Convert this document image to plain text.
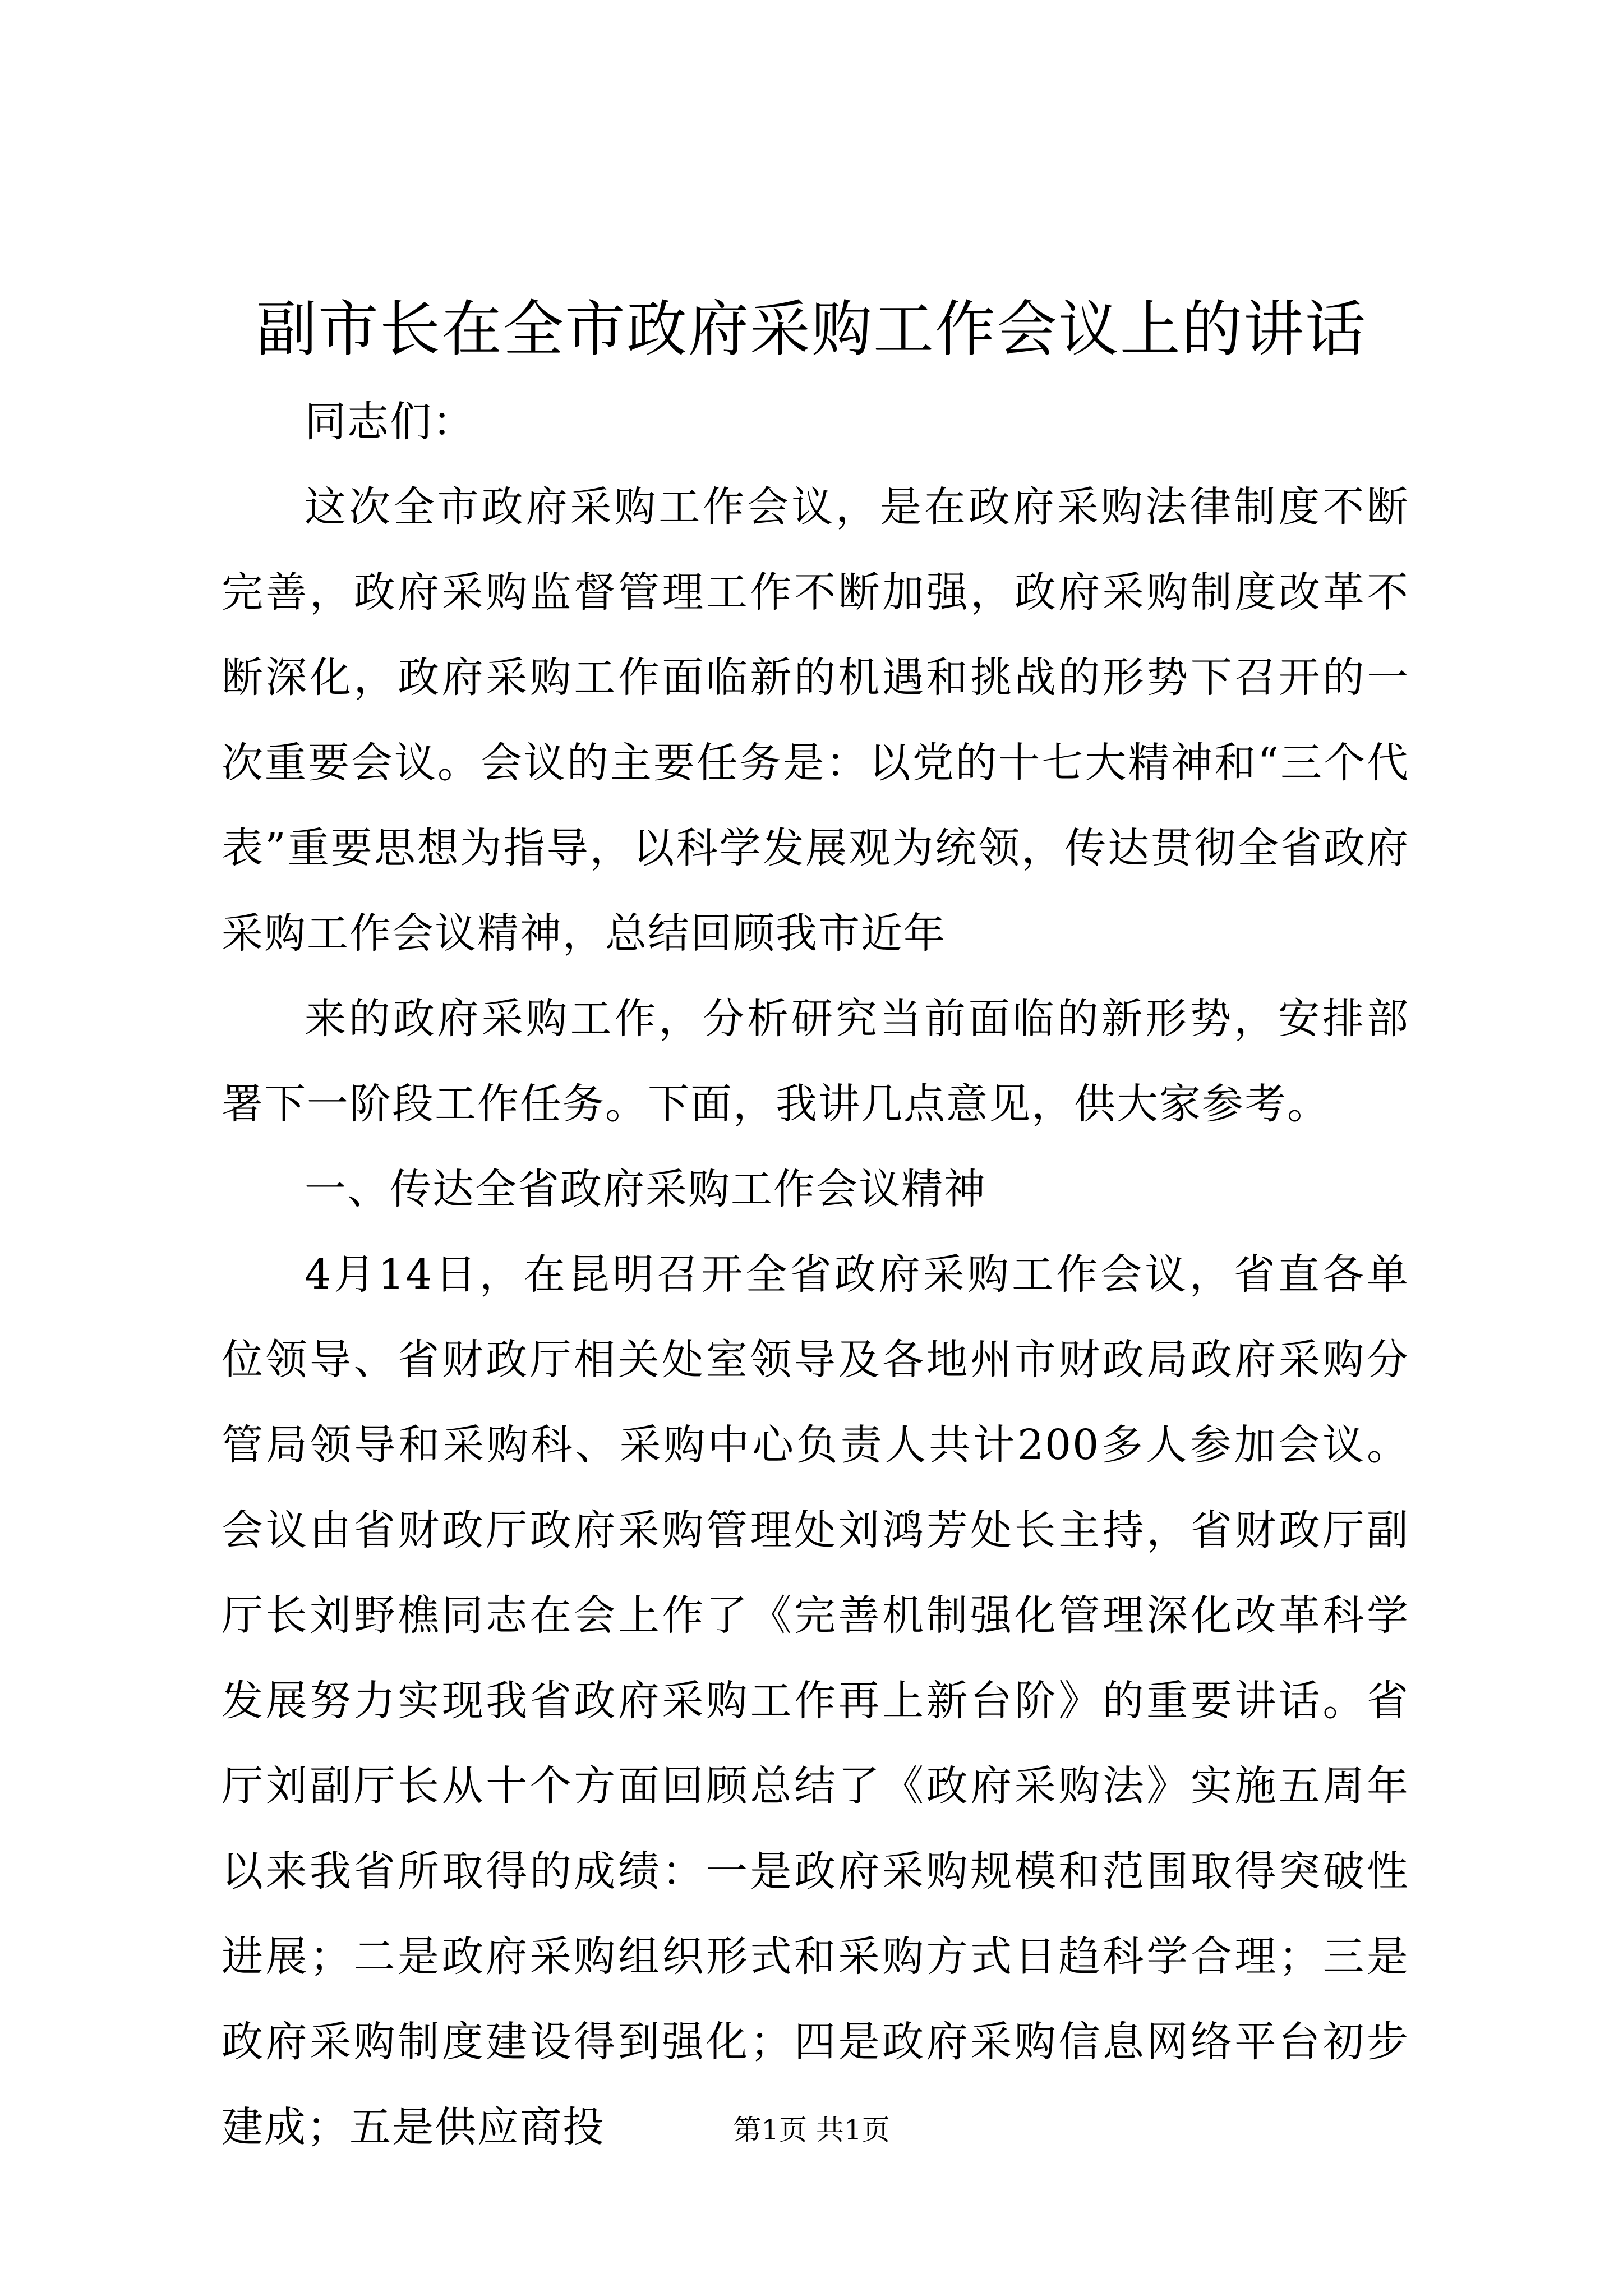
副市长在全市政府采购工作会议上的讲话

同志们：

这次全市政府采购工作会议，是在政府采购法律制度不断完善，政府采购监督管理工作不断加强，政府采购制度改革不断深化，政府采购工作面临新的机遇和挑战的形势下召开的一次重要会议。会议的主要任务是：以党的十七大精神和“三个代表”重要思想为指导，以科学发展观为统领，传达贯彻全省政府采购工作会议精神，总结回顾我市近年

来的政府采购工作，分析研究当前面临的新形势，安排部署下一阶段工作任务。下面，我讲几点意见，供大家参考。

一、传达全省政府采购工作会议精神

4月14日，在昆明召开全省政府采购工作会议，省直各单位领导、省财政厅相关处室领导及各地州市财政局政府采购分管局领导和采购科、采购中心负责人共计200多人参加会议。会议由省财政厅政府采购管理处刘鸿芳处长主持，省财政厅副厅长刘野樵同志在会上作了《完善机制强化管理深化改革科学发展努力实现我省政府采购工作再上新台阶》的重要讲话。省厅刘副厅长从十个方面回顾总结了《政府采购法》实施五周年以来我省所取得的成绩：一是政府采购规模和范围取得突破性进展；二是政府采购组织形式和采购方式日趋科学合理；三是政府采购制度建设得到强化；四是政府采购信息网络平台初步建成；五是供应商投	第1页 共1页
